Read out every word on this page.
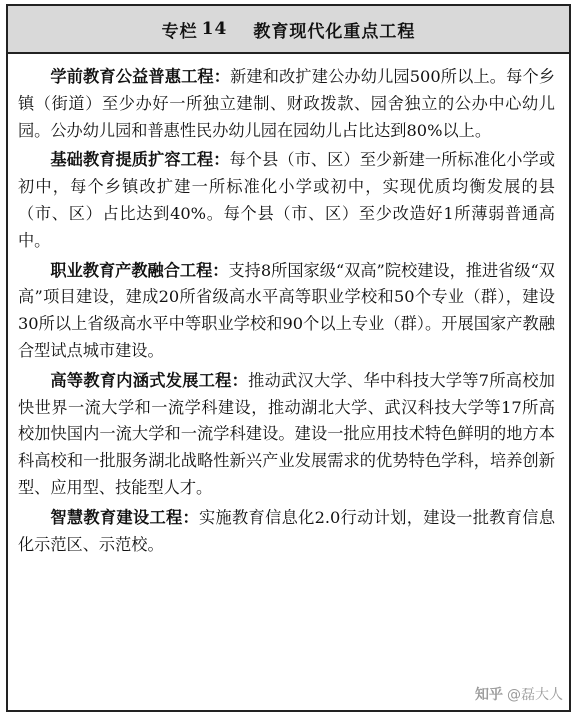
专栏 14 教育现代化重点工程

学前教育公益普惠工程：新建和改扩建公办幼儿园500所以上。每个乡镇（街道）至少办好一所独立建制、财政拨款、园舍独立的公办中心幼儿园。公办幼儿园和普惠性民办幼儿园在园幼儿占比达到80%以上。

基础教育提质扩容工程：每个县（市、区）至少新建一所标准化小学或初中，每个乡镇改扩建一所标准化小学或初中，实现优质均衡发展的县（市、区）占比达到40%。每个县（市、区）至少改造好1所薄弱普通高中。

职业教育产教融合工程：支持8所国家级“双高”院校建设，推进省级“双高”项目建设，建成20所省级高水平高等职业学校和50个专业（群），建设30所以上省级高水平中等职业学校和90个以上专业（群）。开展国家产教融合型试点城市建设。

高等教育内涵式发展工程：推动武汉大学、华中科技大学等7所高校加快世界一流大学和一流学科建设，推动湖北大学、武汉科技大学等17所高校加快国内一流大学和一流学科建设。建设一批应用技术特色鲜明的地方本科高校和一批服务湖北战略性新兴产业发展需求的优势特色学科，培养创新型、应用型、技能型人才。

智慧教育建设工程：实施教育信息化2.0行动计划，建设一批教育信息化示范区、示范校。

知乎 @磊大人
